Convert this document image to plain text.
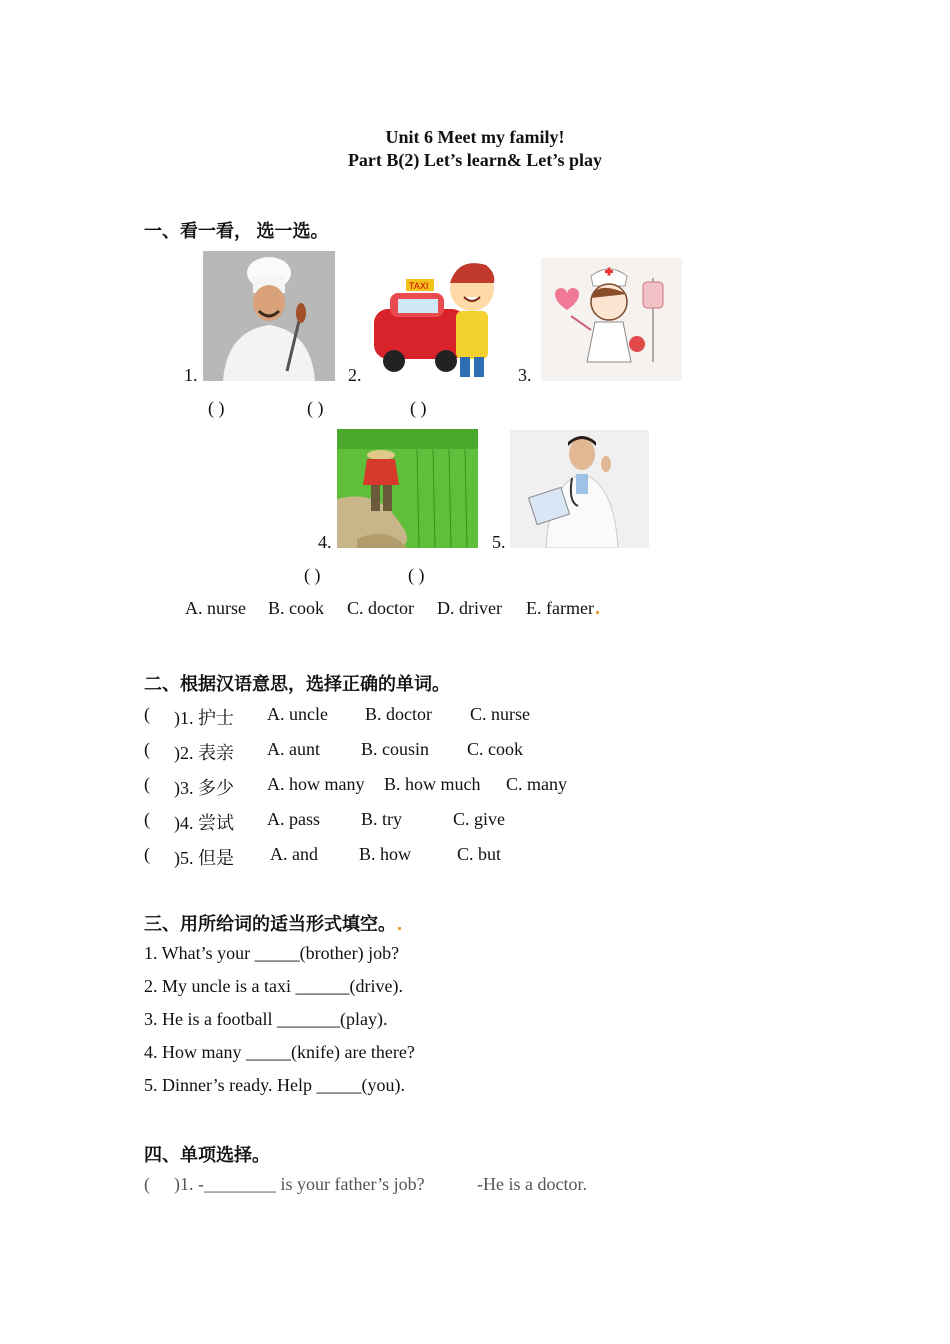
Unit 6 Meet my family!
Part B(2) Let’s learn& Let’s play
一、看一看， 选一选。
1.
( )
2.
TAXI
( )
3.
( )
4.
( )
5.
( )
A. nurse B. cook C. doctor D. driver E. farmer
二、根据汉语意思，选择正确的单词。
( )1. 护士 A. uncle B. doctor C. nurse
( )2. 表亲 A. aunt B. cousin C. cook
( )3. 多少 A. how many B. how much C. many
( )4. 尝试 A. pass B. try	C. give
( )5. 但是 A. and B. how	C. but
三、用所给词的适当形式填空。
1. What’s your _____(brother) job?
2. My uncle is a taxi ______(drive).
3. He is a football _______(play).
4. How many _____(knife) are there?
5. Dinner’s ready. Help _____(you).
四、单项选择。
( )1. -________ is your father’s job?	-He is a doctor.
